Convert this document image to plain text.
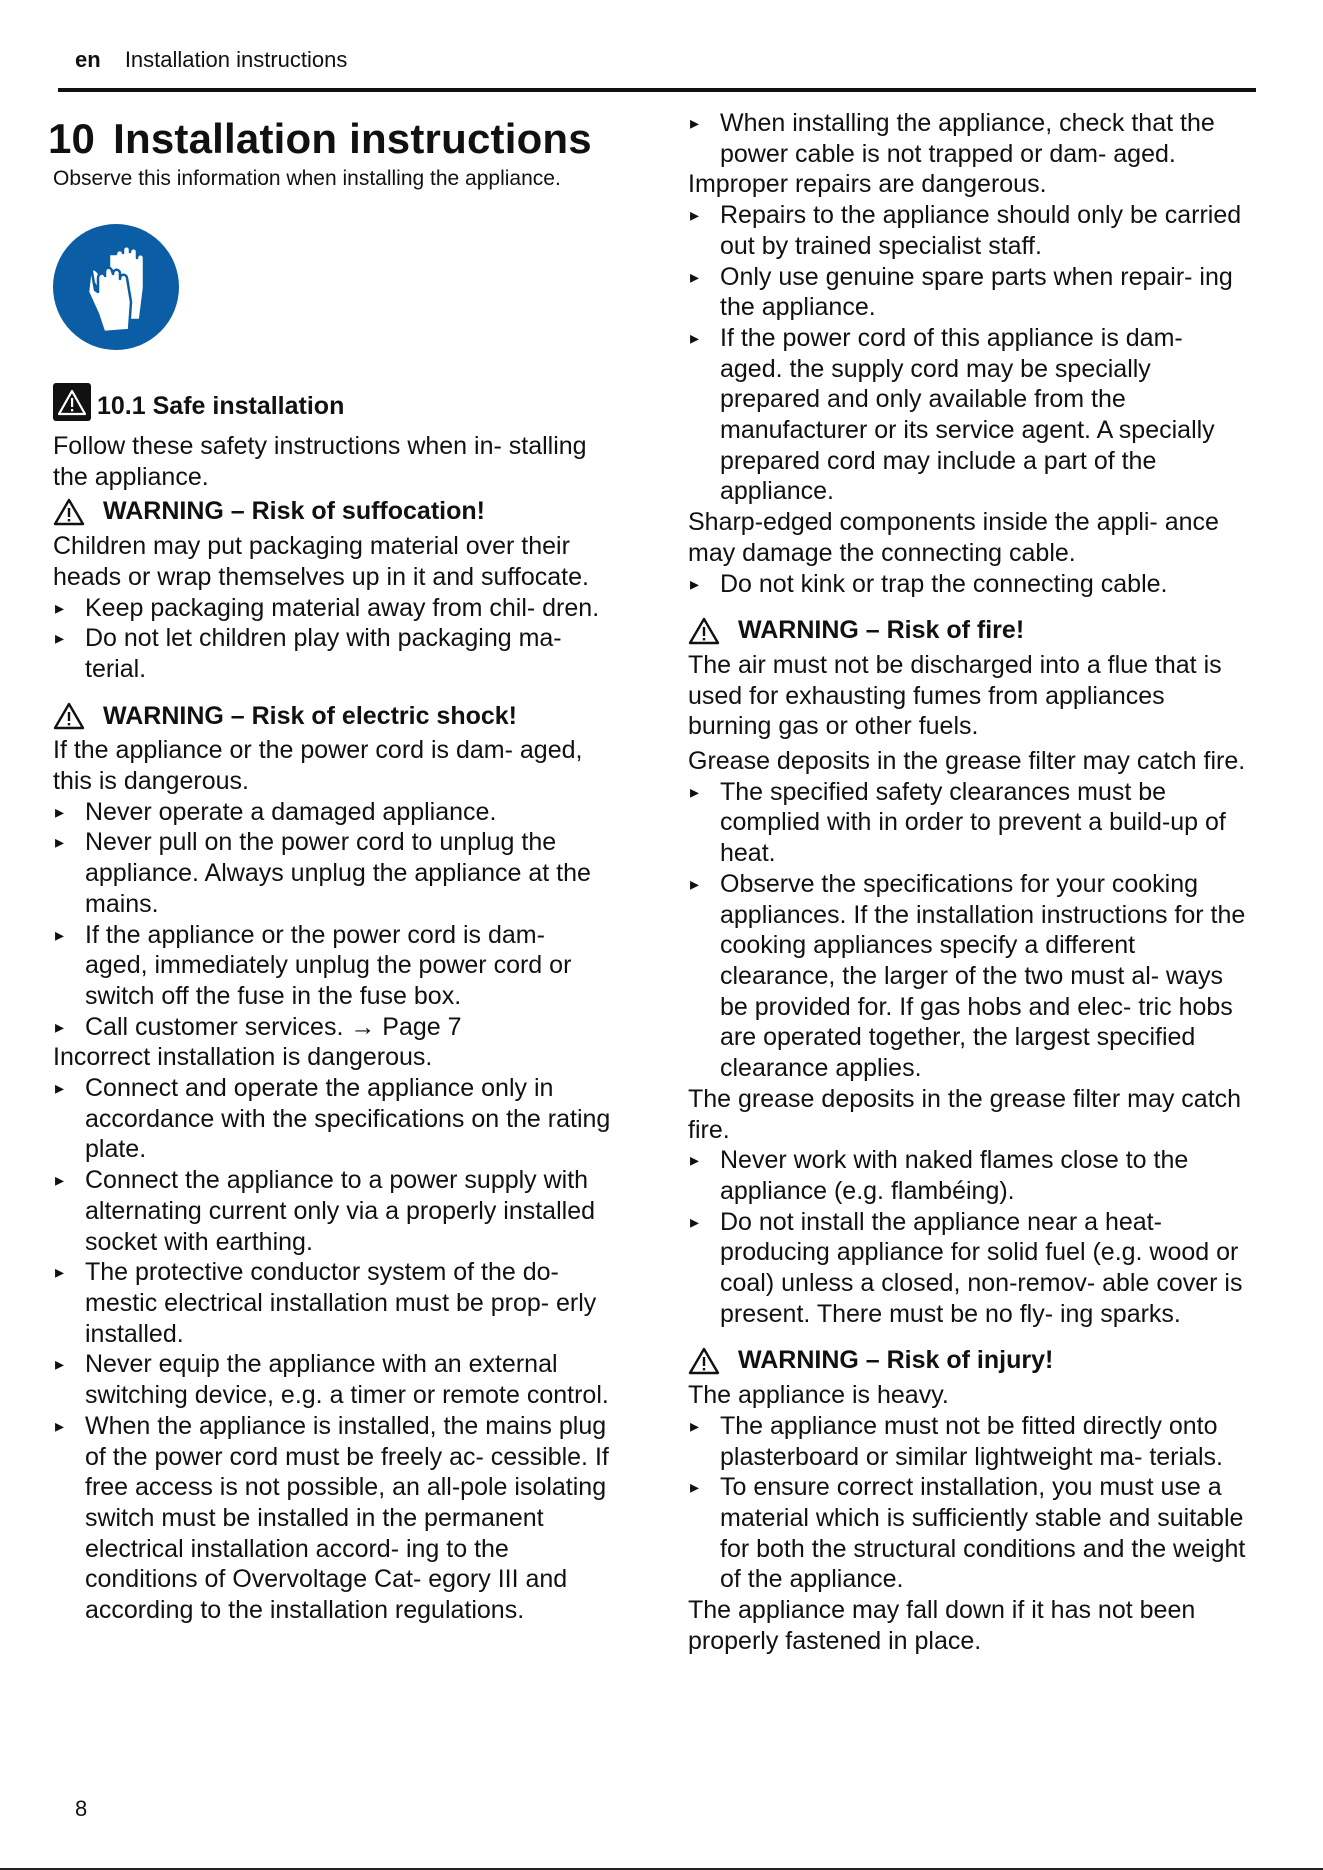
en Installation instructions
10 Installation instructions

Observe this information when installing the appliance.

10.1
Safe installation

Follow these safety instructions when in- stalling the appliance.

WARNING – Risk of suffocation!

Children may put packaging material over their heads or wrap themselves up in it and suffocate.

▸ Keep packaging material away from chil- dren.
▸ Do not let children play with packaging ma- terial.
WARNING – Risk of electric shock!

If the appliance or the power cord is dam- aged, this is dangerous.

▸ Never operate a damaged appliance.
▸ Never pull on the power cord to unplug the appliance. Always unplug the appliance at the mains.
▸ If the appliance or the power cord is dam- aged, immediately unplug the power cord or switch off the fuse in the fuse box.
▸ Call customer services. → Page 7

Incorrect installation is dangerous.

▸ Connect and operate the appliance only in accordance with the specifications on the rating plate.
▸ Connect the appliance to a power supply with alternating current only via a properly installed socket with earthing.
▸ The protective conductor system of the do- mestic electrical installation must be prop- erly installed.
▸ Never equip the appliance with an external switching device, e.g. a timer or remote control.
▸ When the appliance is installed, the mains plug of the power cord must be freely ac- cessible. If free access is not possible, an all-pole isolating switch must be installed in the permanent electrical installation accord- ing to the conditions of Overvoltage Cat- egory III and according to the installation regulations.
▸ When installing the appliance, check that the power cable is not trapped or dam- aged.

Improper repairs are dangerous.

▸ Repairs to the appliance should only be carried out by trained specialist staff.
▸ Only use genuine spare parts when repair- ing the appliance.
▸ If the power cord of this appliance is dam- aged. the supply cord may be specially prepared and only available from the manufacturer or its service agent. A specially prepared cord may include a part of the appliance.

Sharp-edged components inside the appli- ance may damage the connecting cable.

▸ Do not kink or trap the connecting cable.
WARNING – Risk of fire!

The air must not be discharged into a flue that is used for exhausting fumes from appliances burning gas or other fuels.

Grease deposits in the grease filter may catch fire.

▸ The specified safety clearances must be complied with in order to prevent a build-up of heat.
▸ Observe the specifications for your cooking appliances. If the installation instructions for the cooking appliances specify a different clearance, the larger of the two must al- ways be provided for. If gas hobs and elec- tric hobs are operated together, the largest specified clearance applies.

The grease deposits in the grease filter may catch fire.

▸ Never work with naked flames close to the appliance (e.g. flambéing).
▸ Do not install the appliance near a heat- producing appliance for solid fuel (e.g. wood or coal) unless a closed, non-remov- able cover is present. There must be no fly- ing sparks.
WARNING – Risk of injury!

The appliance is heavy.

▸ The appliance must not be fitted directly onto plasterboard or similar lightweight ma- terials.
▸ To ensure correct installation, you must use a material which is sufficiently stable and suitable for both the structural conditions and the weight of the appliance.

The appliance may fall down if it has not been properly fastened in place.

8
